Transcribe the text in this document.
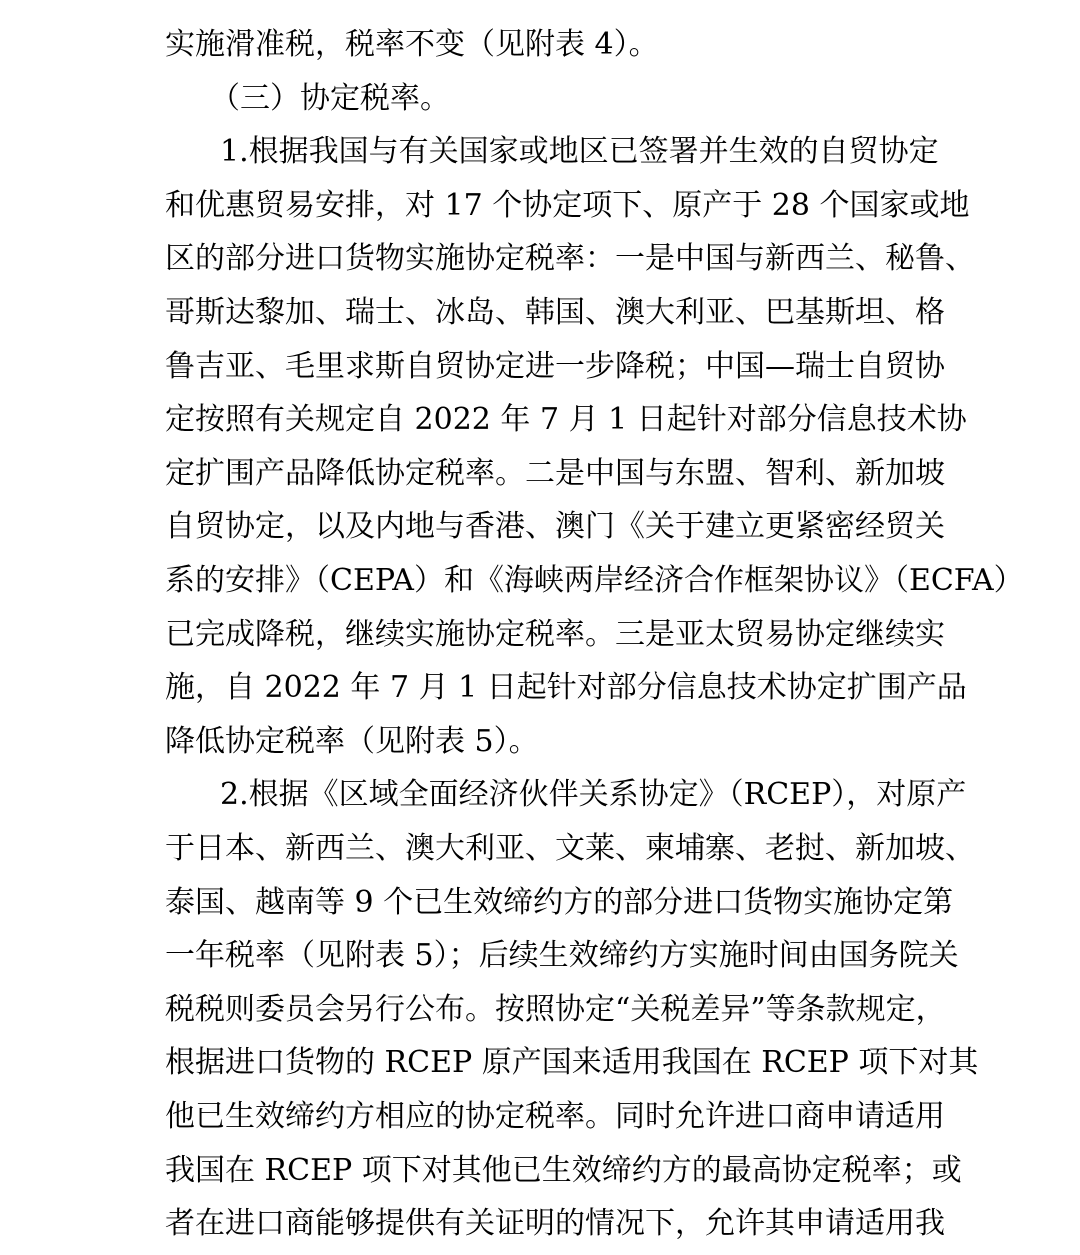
实施滑准税，税率不变（见附表 4）。
（三）协定税率。
1.根据我国与有关国家或地区已签署并生效的自贸协定
和优惠贸易安排，对 17 个协定项下、原产于 28 个国家或地
区的部分进口货物实施协定税率：一是中国与新西兰、秘鲁、
哥斯达黎加、瑞士、冰岛、韩国、澳大利亚、巴基斯坦、格
鲁吉亚、毛里求斯自贸协定进一步降税；中国—瑞士自贸协
定按照有关规定自 2022 年 7 月 1 日起针对部分信息技术协
定扩围产品降低协定税率。二是中国与东盟、智利、新加坡
自贸协定，以及内地与香港、澳门《关于建立更紧密经贸关
系的安排》（CEPA）和《海峡两岸经济合作框架协议》（ECFA）
已完成降税，继续实施协定税率。三是亚太贸易协定继续实
施，自 2022 年 7 月 1 日起针对部分信息技术协定扩围产品
降低协定税率（见附表 5）。
2.根据《区域全面经济伙伴关系协定》（RCEP），对原产
于日本、新西兰、澳大利亚、文莱、柬埔寨、老挝、新加坡、
泰国、越南等 9 个已生效缔约方的部分进口货物实施协定第
一年税率（见附表 5）；后续生效缔约方实施时间由国务院关
税税则委员会另行公布。按照协定“关税差异”等条款规定，
根据进口货物的 RCEP 原产国来适用我国在 RCEP 项下对其
他已生效缔约方相应的协定税率。同时允许进口商申请适用
我国在 RCEP 项下对其他已生效缔约方的最高协定税率；或
者在进口商能够提供有关证明的情况下，允许其申请适用我
